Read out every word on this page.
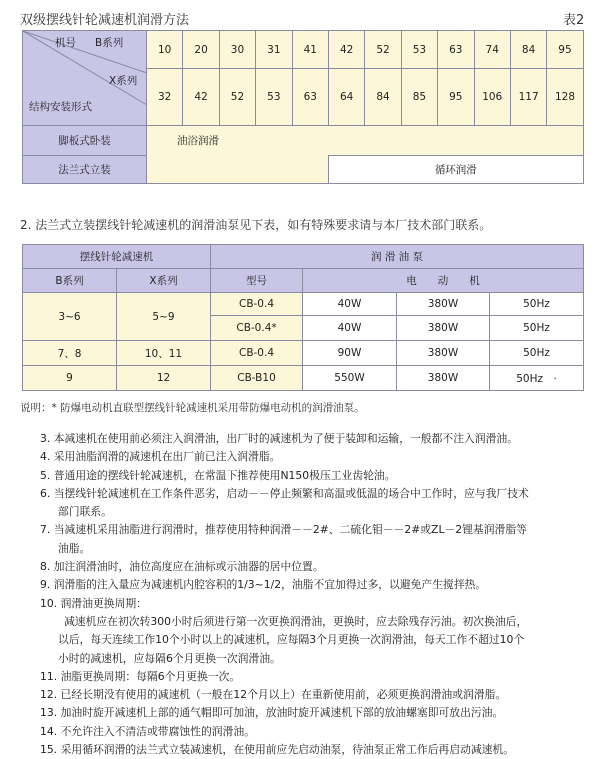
双级摆线针轮减速机润滑方法	表2
机号 B系列
X系列
结构安装形式	10	20	30	31	41	42	52	53	63	74	84	95
	32	42	52	53	63	64	84	85	95	106	117	128
脚板式卧装	油浴润滑											
法兰式立装						循环润滑						
2. 法兰式立装摆线针轮减速机的润滑油泵见下表，如有特殊要求请与本厂技术部门联系。
摆线针轮减速机		润 滑 油 泵			
B系列	X系列	型号	电　　动　　机		
3~6	5~9	CB-0.4	40W	380W	50Hz
		CB-0.4*	40W	380W	50Hz
7、8	10、11	CB-0.4	90W	380W	50Hz
9	12	CB-B10	550W	380W	50Hz　·
说明：* 防爆电动机直联型摆线针轮减速机采用带防爆电动机的润滑油泵。

3. 本减速机在使用前必须注入润滑油，出厂时的减速机为了便于装卸和运输，一般都不注入润滑油。

4. 采用油脂润滑的减速机在出厂前已注入润滑脂。

5. 普通用途的摆线针轮减速机，在常温下推荐使用N150极压工业齿轮油。

6. 当摆线针轮减速机在工作条件恶劣，启动－－停止频繁和高温或低温的场合中工作时，应与我厂技术

部门联系。

7. 当减速机采用油脂进行润滑时，推荐使用特种润滑－－2#、二硫化钼－－2#或ZL－2锂基润滑脂等

油脂。

8. 加注润滑油时，油位高度应在油标或示油器的居中位置。

9. 润滑脂的注入量应为减速机内腔容积的1/3~1/2，油脂不宜加得过多，以避免产生搅拌热。

10. 润滑油更换周期：

减速机应在初次转300小时后须进行第一次更换润滑油，更换时，应去除残存污油。初次换油后，

以后，每天连续工作10个小时以上的减速机，应每隔3个月更换一次润滑油，每天工作不超过10个

小时的减速机，应每隔6个月更换一次润滑油。

11. 油脂更换周期：每隔6个月更换一次。

12. 已经长期没有使用的减速机（一般在12个月以上）在重新使用前，必须更换润滑油或润滑脂。

13. 加油时旋开减速机上部的通气帽即可加油，放油时旋开减速机下部的放油螺塞即可放出污油。

14. 不允许注入不清洁或带腐蚀性的润滑油。

15. 采用循环润滑的法兰式立装减速机，在使用前应先启动油泵，待油泵正常工作后再启动减速机。
